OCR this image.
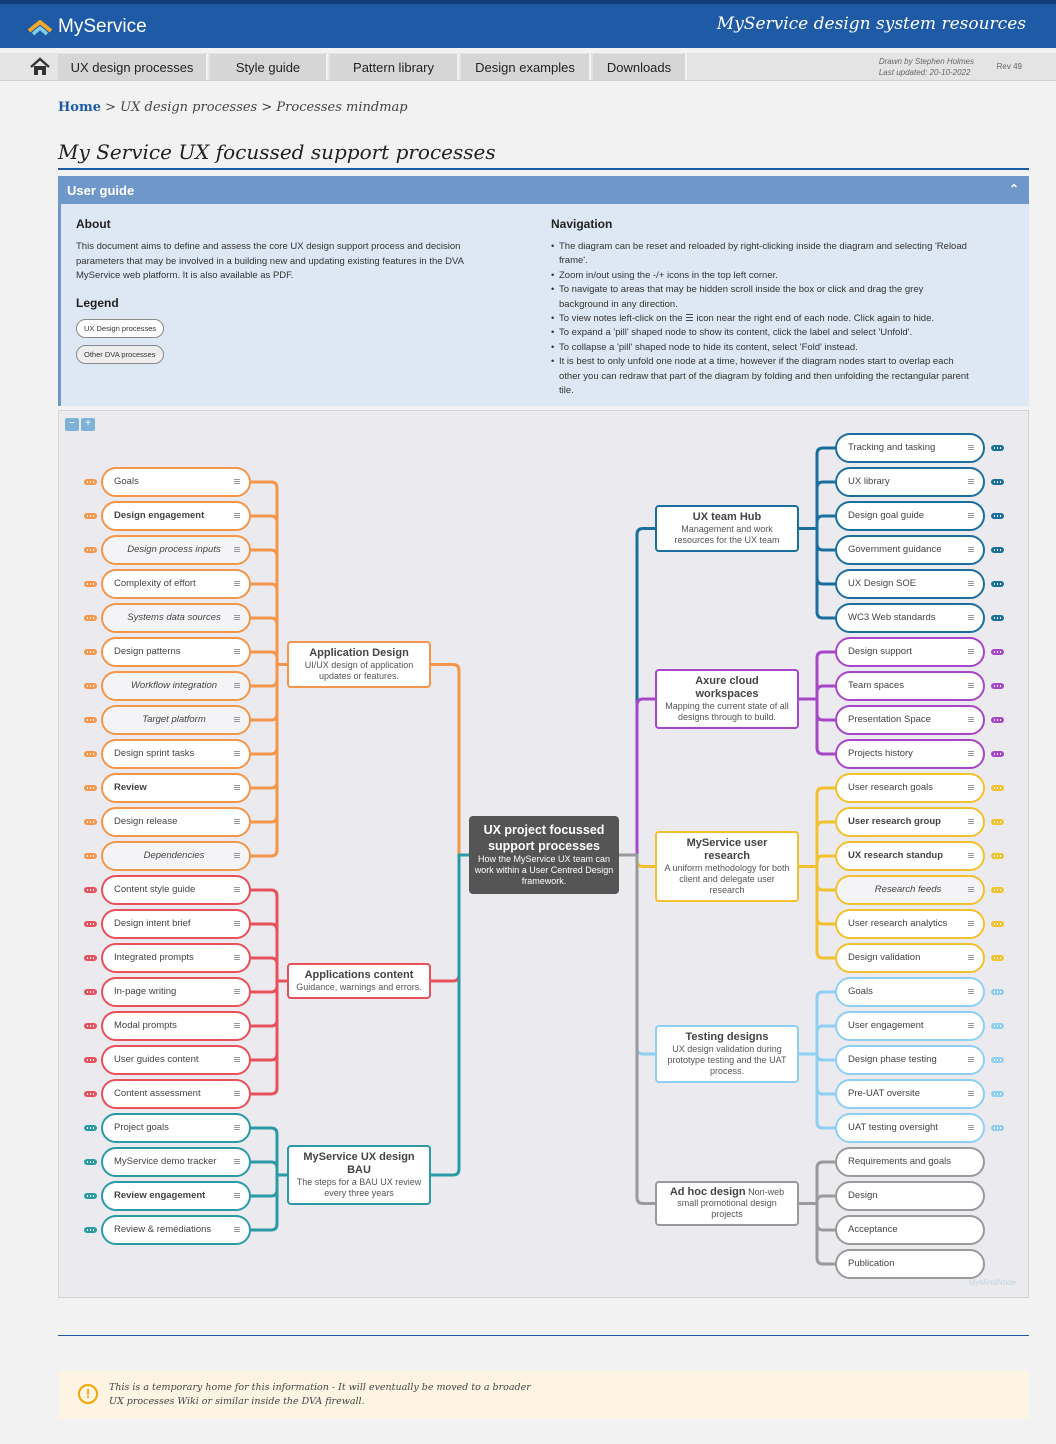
MyService	MyService design system resources
UX design processes	Style guide	Pattern library	Design examples	Downloads	Drawn by Stephen Holmes
Last updated: 20-10-2022
Rev 49
Home > UX design processes > Processes mindmap
My Service UX focussed support processes
User guide	⌃
About
This document aims to define and assess the core UX design support process and decision parameters that may be involved in a building new and updating existing features in the DVA MyService web platform. It is also available as PDF.
Legend
UX Design processes
Other DVA processes
Navigation
• The diagram can be reset and reloaded by right-clicking inside the diagram and selecting 'Reload frame'.
• Zoom in/out using the -/+ icons in the top left corner.
• To navigate to areas that may be hidden scroll inside the box or click and drag the grey background in any direction.
• To view notes left-click on the ☰ icon near the right end of each node. Click again to hide.
• To expand a 'pill' shaped node to show its content, click the label and select 'Unfold'.
• To collapse a 'pill' shaped node to hide its content, select 'Fold' instead.
• It is best to only unfold one node at a time, however if the diagram nodes start to overlap each other you can redraw that part of the diagram by folding and then unfolding the rectangular parent tile.
−	+
UX project focussed support processes
How the MyService UX team can work within a User Centred Design framework.
MyMindNode
Application Design
UI/UX design of application updates or features.
Goals
Design engagement
Design process inputs
Complexity of effort
Systems data sources
Design patterns
Workflow integration
Target platform
Design sprint tasks
Review
Design release
Dependencies
Applications content
Guidance, warnings and errors.
Content style guide
Design intent brief
Integrated prompts
In-page writing
Modal prompts
User guides content
Content assessment
MyService UX design BAU
The steps for a BAU UX review every three years
Project goals
MyService demo tracker
Review engagement
Review & remediations
UX team Hub
Management and work resources for the UX team
Tracking and tasking
UX library
Design goal guide
Government guidance
UX Design SOE
WC3 Web standards
Axure cloud workspaces
Mapping the current state of all designs through to build.
Design support
Team spaces
Presentation Space
Projects history
MyService user research
A uniform methodology for both client and delegate user research
User research goals
User research group
UX research standup
Research feeds
User research analytics
Design validation
Testing designs
UX design validation during prototype testing and the UAT process.
Goals
User engagement
Design phase testing
Pre-UAT oversite
UAT testing oversight
Ad hoc design Non-web small promotional design projects
Requirements and goals
Design
Acceptance
Publication
!	This is a temporary home for this information - It will eventually be moved to a broader
UX processes Wiki or similar inside the DVA firewall.
